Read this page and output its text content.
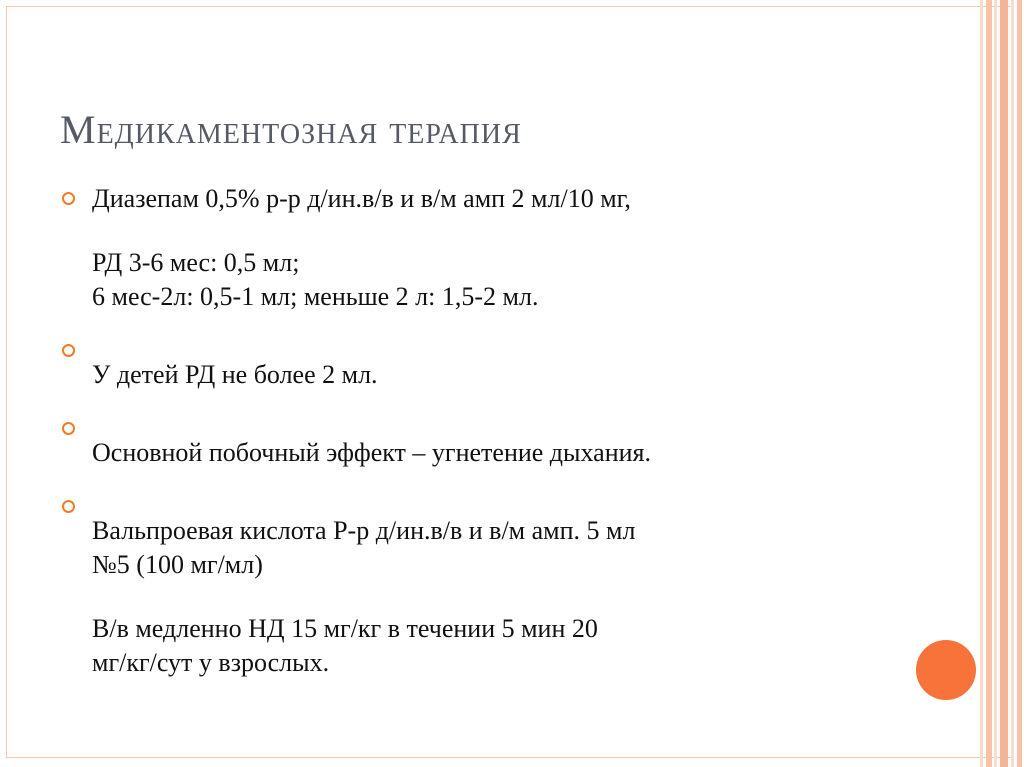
Медикаментозная терапия
Диазепам 0,5% р-р д/ин.в/в и в/м амп 2 мл/10 мг,
РД 3-6 мес: 0,5 мл;
6 мес-2л: 0,5-1 мл; меньше 2 л: 1,5-2 мл.
У детей РД не более 2 мл.
Основной побочный эффект – угнетение дыхания.
Вальпроевая кислота Р-р д/ин.в/в и в/м амп. 5 мл
№5 (100 мг/мл)
В/в медленно НД 15 мг/кг в течении 5 мин 20
мг/кг/сут у взрослых.
